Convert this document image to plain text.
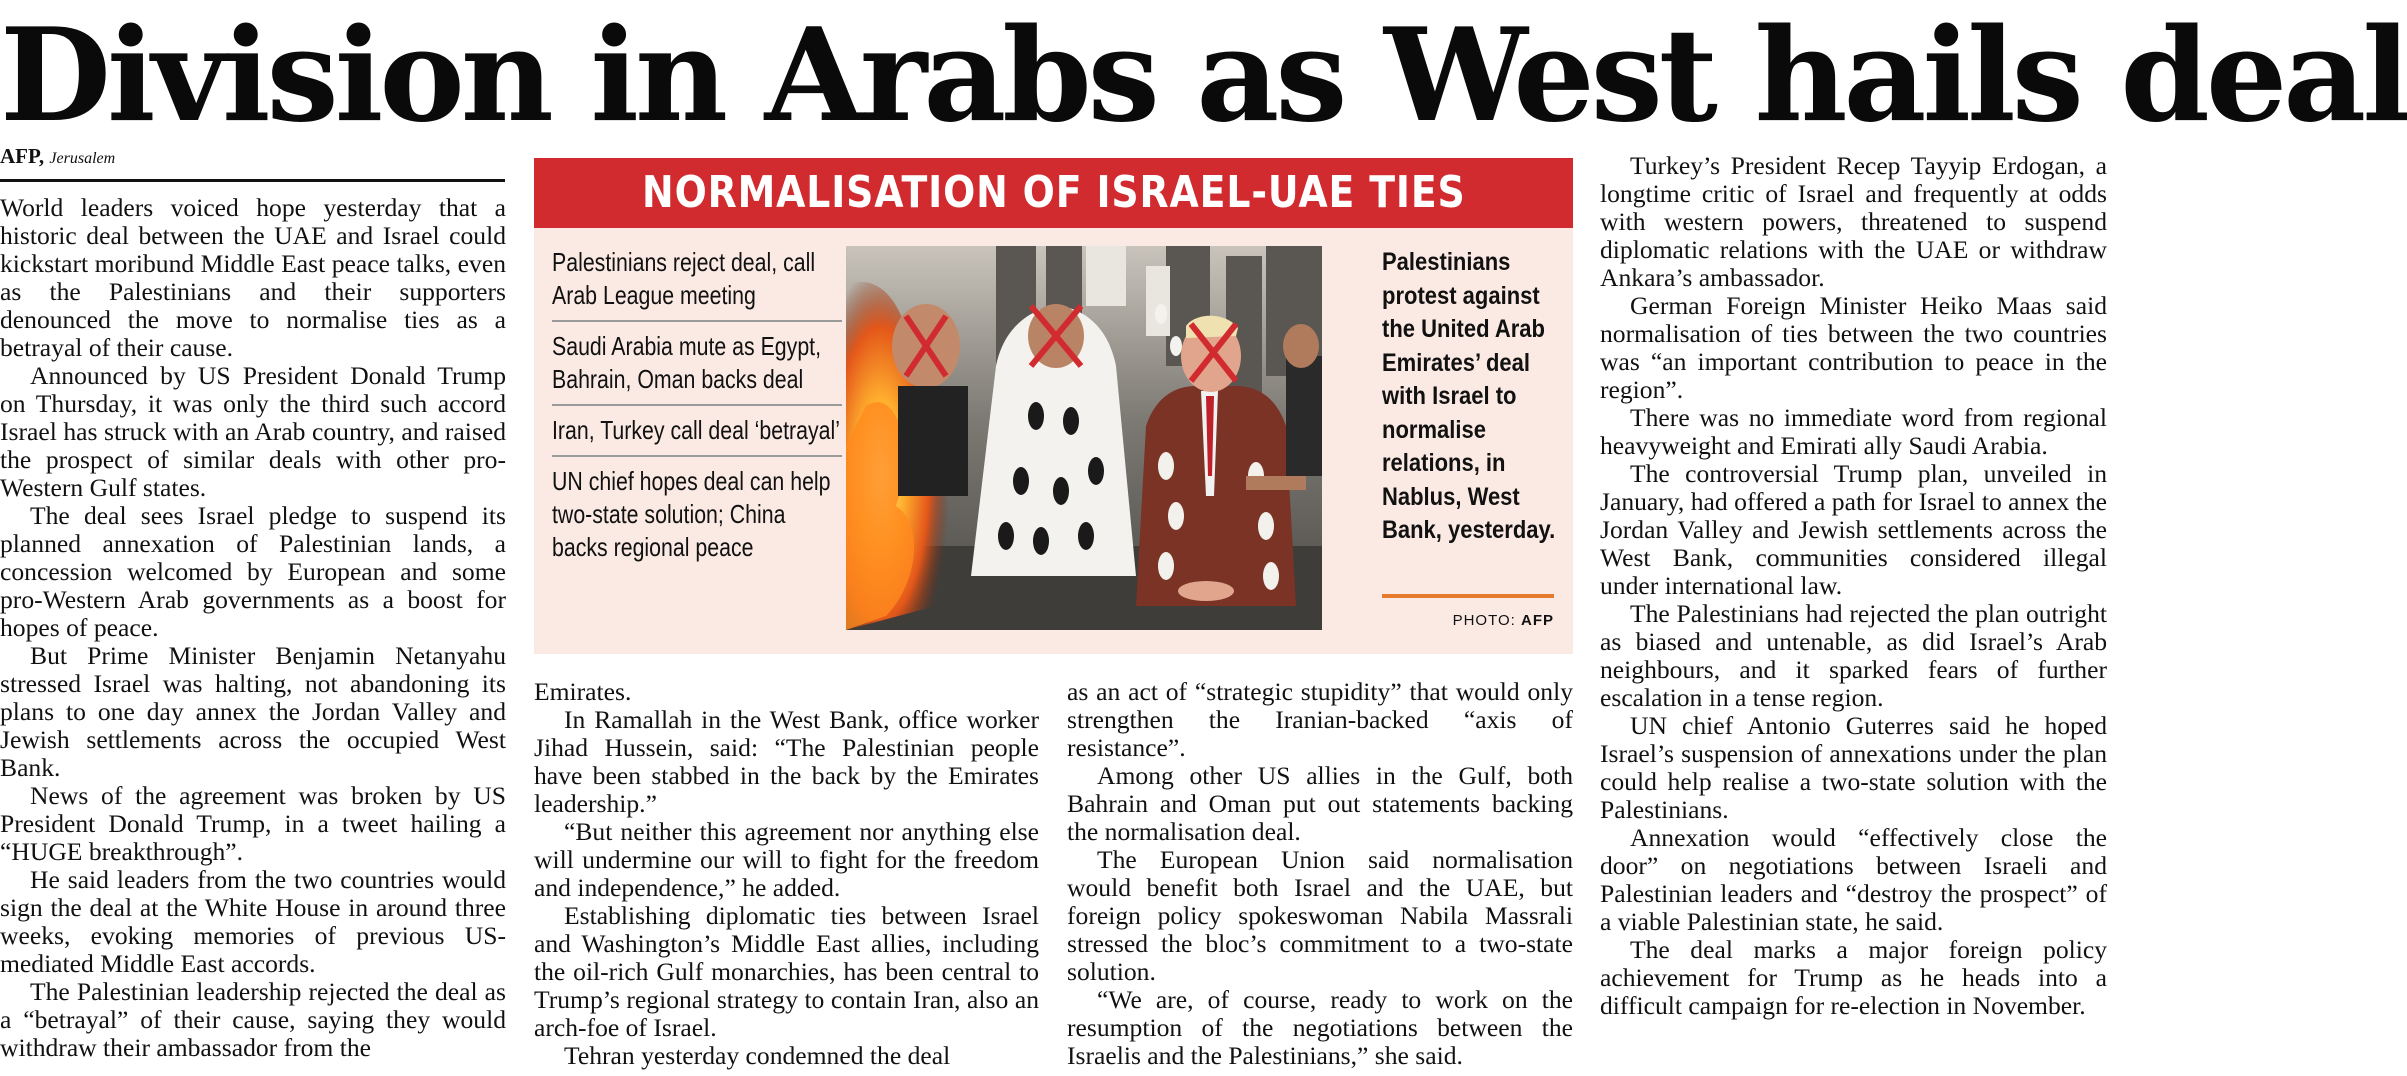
Division in Arabs as West hails deal
AFP, Jerusalem

World leaders voiced hope yesterday that a historic deal between the UAE and Israel could kickstart moribund Middle East peace talks, even as the Palestinians and their supporters denounced the move to normalise ties as a betrayal of their cause.

Announced by US President Donald Trump on Thursday, it was only the third such accord Israel has struck with an Arab country, and raised the prospect of similar deals with other pro-Western Gulf states.

The deal sees Israel pledge to suspend its planned annexation of Palestinian lands, a concession welcomed by European and some pro-Western Arab governments as a boost for hopes of peace.

But Prime Minister Benjamin Netanyahu stressed Israel was halting, not abandoning its plans to one day annex the Jordan Valley and Jewish settlements across the occupied West Bank.

News of the agreement was broken by US President Donald Trump, in a tweet hailing a “HUGE breakthrough”.

He said leaders from the two countries would sign the deal at the White House in around three weeks, evoking memories of previous US-mediated Middle East accords.

The Palestinian leadership rejected the deal as a “betrayal” of their cause, saying they would withdraw their ambassador from the

NORMALISATION OF ISRAEL-UAE TIES
Palestinians reject deal, call Arab League meeting
Saudi Arabia mute as Egypt, Bahrain, Oman backs deal
Iran, Turkey call deal ‘betrayal’
UN chief hopes deal can help two-state solution; China backs regional peace
Palestinians protest against the United Arab Emirates’ deal with Israel to normalise relations, in Nablus, West Bank, yesterday.
PHOTO: AFP

Emirates.

In Ramallah in the West Bank, office worker Jihad Hussein, said: “The Palestinian people have been stabbed in the back by the Emirates leadership.”

“But neither this agreement nor anything else will undermine our will to fight for the freedom and independence,” he added.

Establishing diplomatic ties between Israel and Washington’s Middle East allies, including the oil-rich Gulf monarchies, has been central to Trump’s regional strategy to contain Iran, also an arch-foe of Israel.

Tehran yesterday condemned the deal

as an act of “strategic stupidity” that would only strengthen the Iranian-backed “axis of resistance”.

Among other US allies in the Gulf, both Bahrain and Oman put out statements backing the normalisation deal.

The European Union said normalisation would benefit both Israel and the UAE, but foreign policy spokeswoman Nabila Massrali stressed the bloc’s commitment to a two-state solution.

“We are, of course, ready to work on the resumption of the negotiations between the Israelis and the Palestinians,” she said.

Turkey’s President Recep Tayyip Erdogan, a longtime critic of Israel and frequently at odds with western powers, threatened to suspend diplomatic relations with the UAE or withdraw Ankara’s ambassador.

German Foreign Minister Heiko Maas said normalisation of ties between the two countries was “an important contribution to peace in the region”.

There was no immediate word from regional heavyweight and Emirati ally Saudi Arabia.

The controversial Trump plan, unveiled in January, had offered a path for Israel to annex the Jordan Valley and Jewish settlements across the West Bank, communities considered illegal under international law.

The Palestinians had rejected the plan outright as biased and untenable, as did Israel’s Arab neighbours, and it sparked fears of further escalation in a tense region.

UN chief Antonio Guterres said he hoped Israel’s suspension of annexations under the plan could help realise a two-state solution with the Palestinians.

Annexation would “effectively close the door” on negotiations between Israeli and Palestinian leaders and “destroy the prospect” of a viable Palestinian state, he said.

The deal marks a major foreign policy achievement for Trump as he heads into a difficult campaign for re-election in November.
